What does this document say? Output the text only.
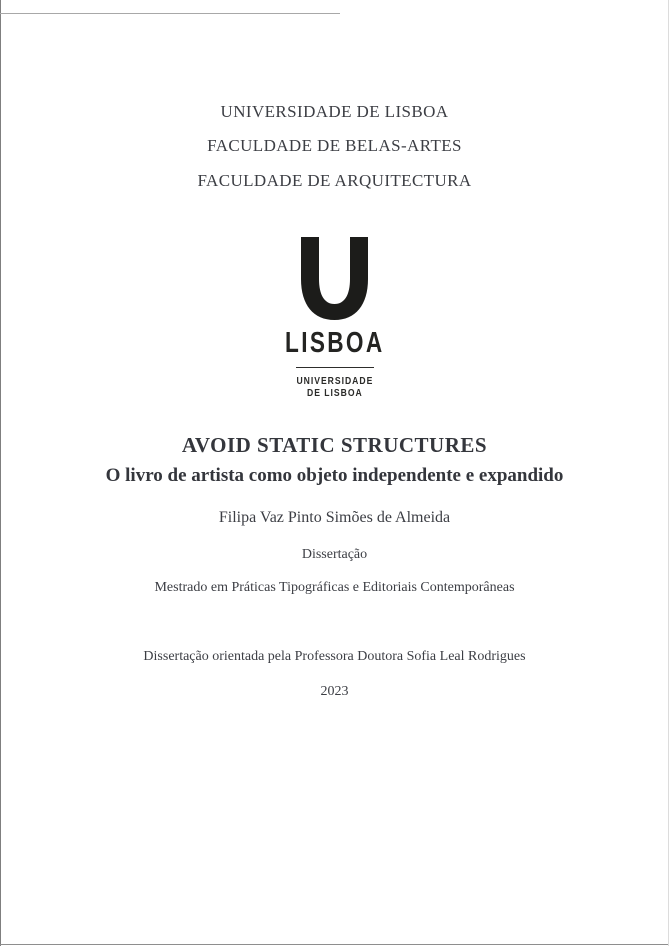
UNIVERSIDADE DE LISBOA
FACULDADE DE BELAS-ARTES
FACULDADE DE ARQUITECTURA
LISBOA
UNIVERSIDADE
DE LISBOA
AVOID STATIC STRUCTURES
O livro de artista como objeto independente e expandido
Filipa Vaz Pinto Simões de Almeida
Dissertação
Mestrado em Práticas Tipográficas e Editoriais Contemporâneas
Dissertação orientada pela Professora Doutora Sofia Leal Rodrigues
2023
